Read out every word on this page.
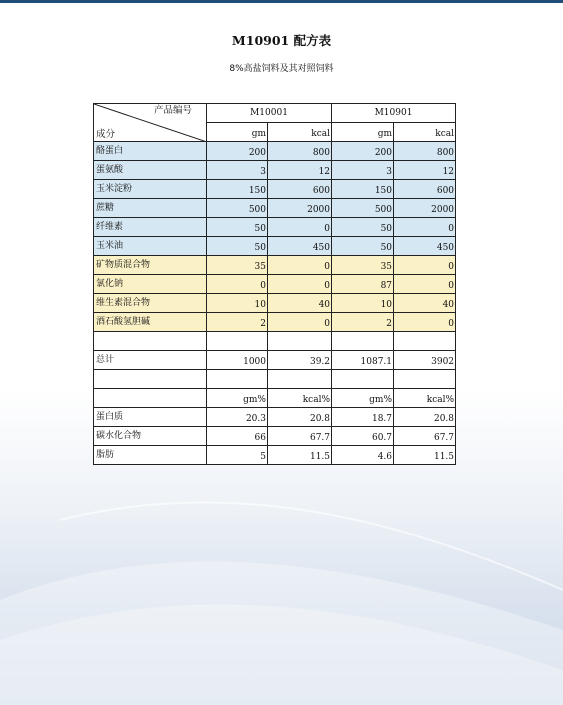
M10901 配方表
8%高盐饲料及其对照饲料
产品编号
成分	M10001		M10901	
	gm	kcal	gm	kcal
酪蛋白	200	800	200	800
蛋氨酸	3	12	3	12
玉米淀粉	150	600	150	600
蔗糖	500	2000	500	2000
纤维素	50	0	50	0
玉米油	50	450	50	450
矿物质混合物	35	0	35	0
氯化钠	0	0	87	0
维生素混合物	10	40	10	40
酒石酸氢胆碱	2	0	2	0

总计	1000	39.2	1087.1	3902

	gm%	kcal%	gm%	kcal%
蛋白质	20.3	20.8	18.7	20.8
碳水化合物	66	67.7	60.7	67.7
脂肪	5	11.5	4.6	11.5
